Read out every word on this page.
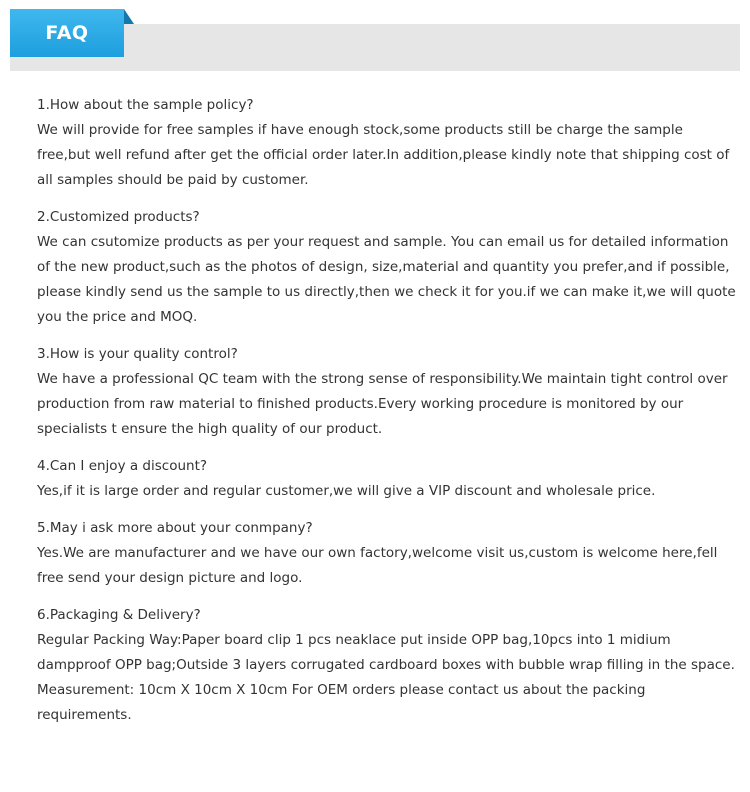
FAQ

1.How about the sample policy?

We will provide for free samples if have enough stock,some products still be charge the sample free,but well refund after get the official order later.In addition,please kindly note that shipping cost of all samples should be paid by customer.

2.Customized products?

We can csutomize products as per your request and sample. You can email us for detailed information of the new product,such as the photos of design, size,material and quantity you prefer,and if possible, please kindly send us the sample to us directly,then we check it for you.if we can make it,we will quote you the price and MOQ.

3.How is your quality control?

We have a professional QC team with the strong sense of responsibility.We maintain tight control over production from raw material to finished products.Every working procedure is monitored by our specialists t ensure the high quality of our product.

4.Can I enjoy a discount?

Yes,if it is large order and regular customer,we will give a VIP discount and wholesale price.

5.May i ask more about your conmpany?

Yes.We are manufacturer and we have our own factory,welcome visit us,custom is welcome here,fell free send your design picture and logo.

6.Packaging & Delivery?

Regular Packing Way:Paper board clip 1 pcs neaklace put inside OPP bag,10pcs into 1 midium dampproof OPP bag;Outside 3 layers corrugated cardboard boxes with bubble wrap filling in the space. Measurement: 10cm X 10cm X 10cm For OEM orders please contact us about the packing requirements.
